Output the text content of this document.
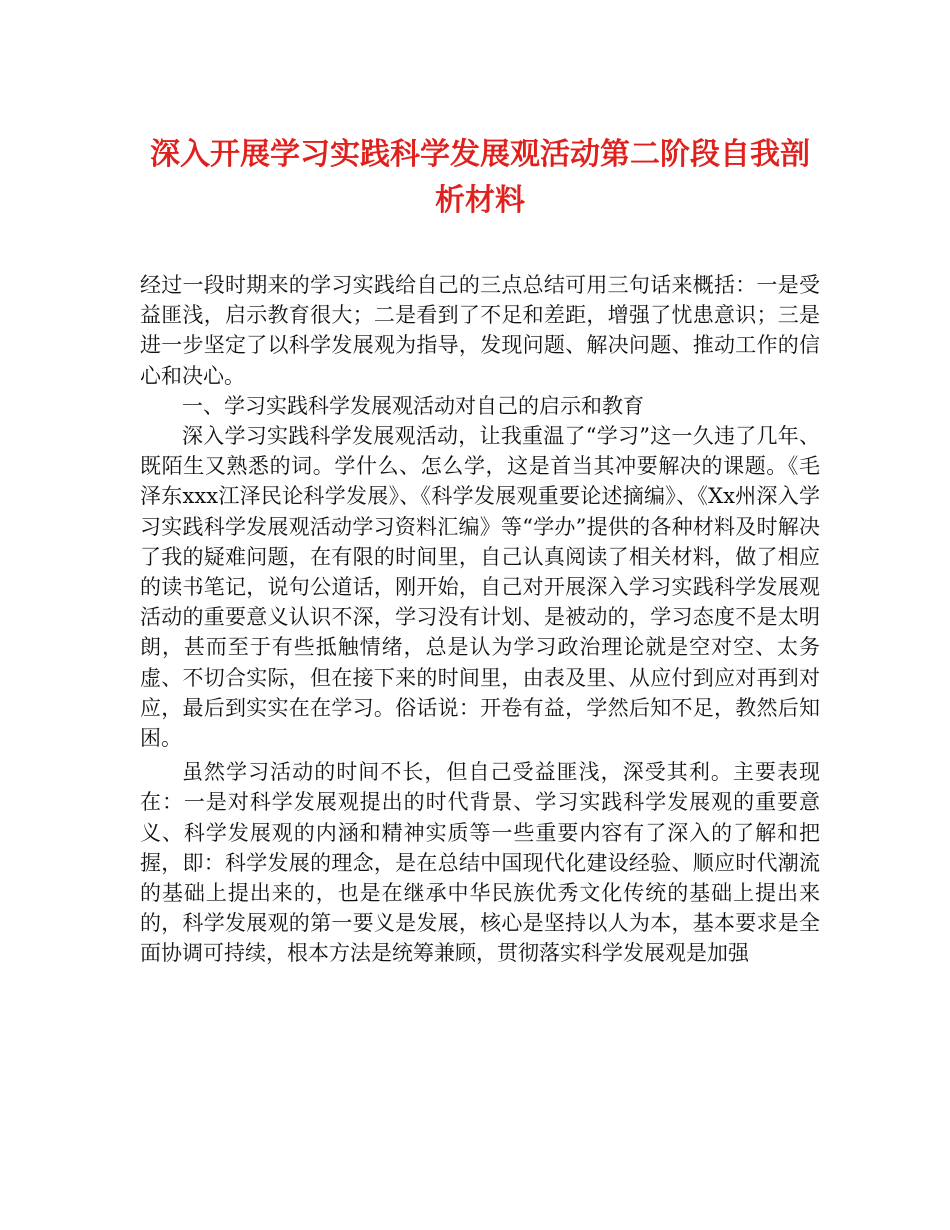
深入开展学习实践科学发展观活动第二阶段自我剖析材料

经过一段时期来的学习实践给自己的三点总结可用三句话来概括：一是受益匪浅，启示教育很大；二是看到了不足和差距，增强了忧患意识；三是进一步坚定了以科学发展观为指导，发现问题、解决问题、推动工作的信心和决心。

一、学习实践科学发展观活动对自己的启示和教育

深入学习实践科学发展观活动，让我重温了“学习”这一久违了几年、既陌生又熟悉的词。学什么、怎么学，这是首当其冲要解决的课题。《毛泽东xxx江泽民论科学发展》、《科学发展观重要论述摘编》、《Xx州深入学习实践科学发展观活动学习资料汇编》等“学办”提供的各种材料及时解决了我的疑难问题，在有限的时间里，自己认真阅读了相关材料，做了相应的读书笔记，说句公道话，刚开始，自己对开展深入学习实践科学发展观活动的重要意义认识不深，学习没有计划、是被动的，学习态度不是太明朗，甚而至于有些抵触情绪，总是认为学习政治理论就是空对空、太务虚、不切合实际，但在接下来的时间里，由表及里、从应付到应对再到对应，最后到实实在在学习。俗话说：开卷有益，学然后知不足，教然后知困。

虽然学习活动的时间不长，但自己受益匪浅，深受其利。主要表现在：一是对科学发展观提出的时代背景、学习实践科学发展观的重要意义、科学发展观的内涵和精神实质等一些重要内容有了深入的了解和把握，即：科学发展的理念，是在总结中国现代化建设经验、顺应时代潮流的基础上提出来的，也是在继承中华民族优秀文化传统的基础上提出来的，科学发展观的第一要义是发展，核心是坚持以人为本，基本要求是全面协调可持续，根本方法是统筹兼顾，贯彻落实科学发展观是加强
